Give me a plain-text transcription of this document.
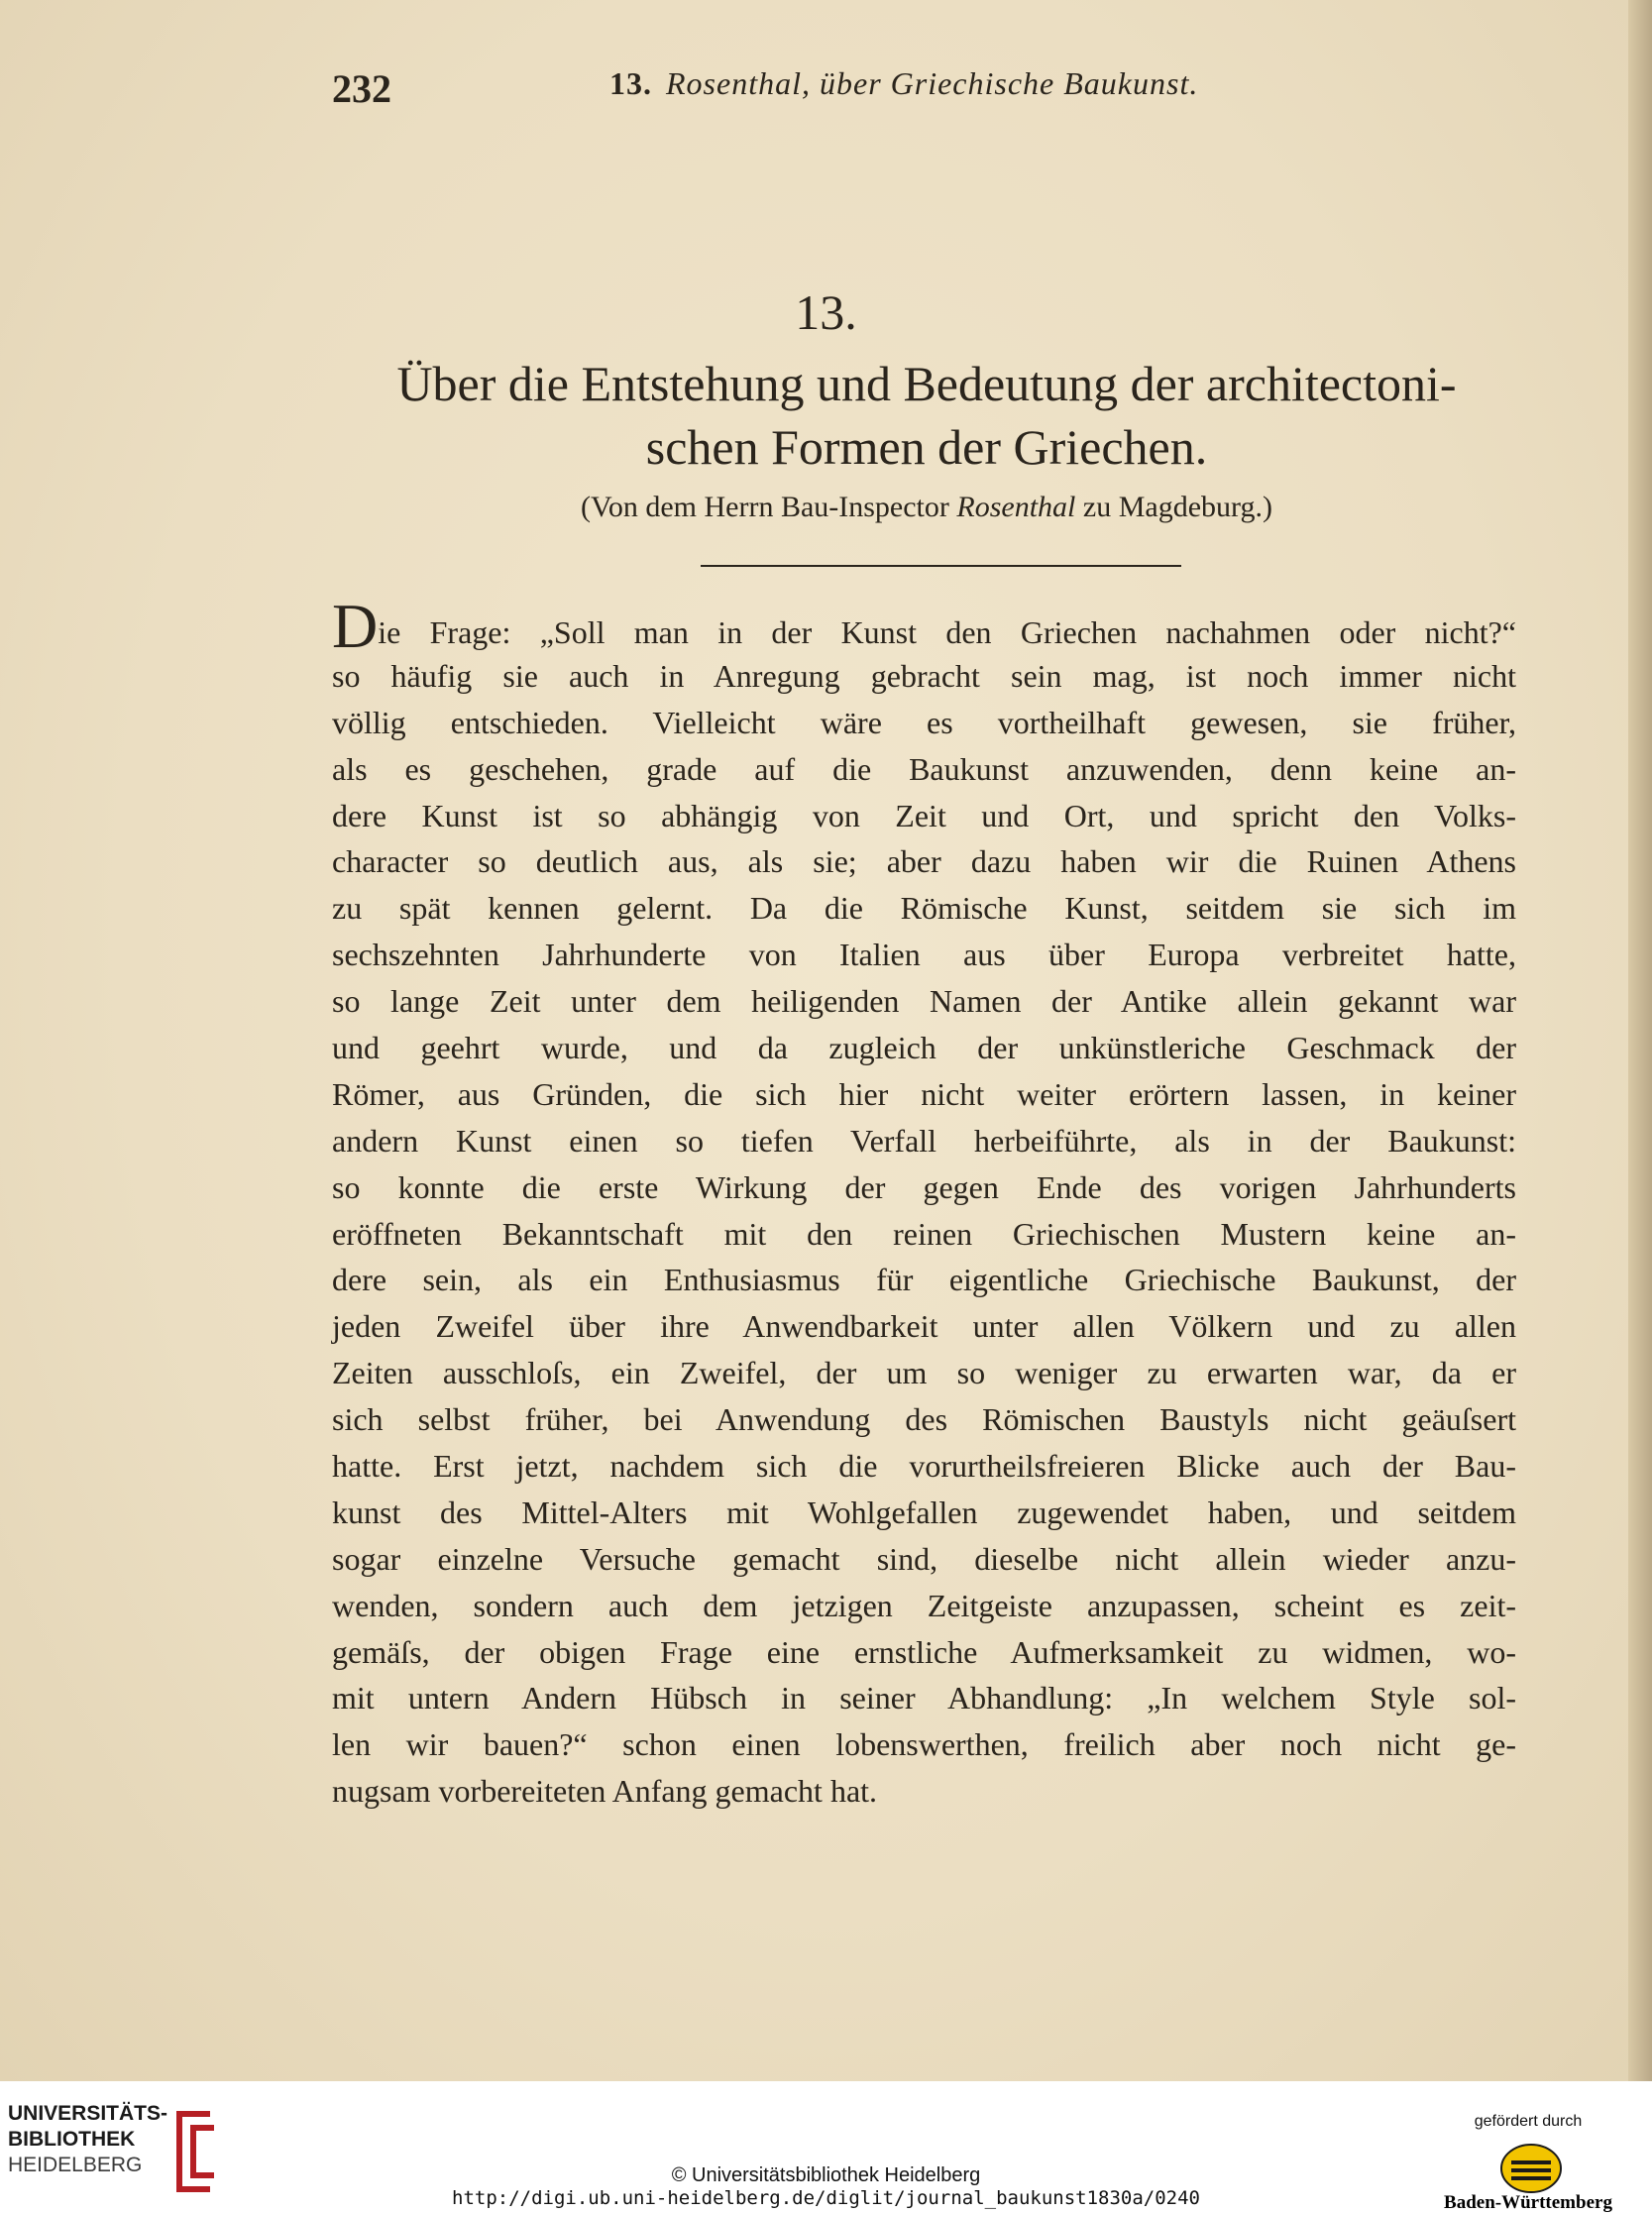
232	13. Rosenthal, über Griechische Baukunst.
13.
Über die Entstehung und Bedeutung der architectoni-
schen Formen der Griechen.
(Von dem Herrn Bau-Inspector Rosenthal zu Magdeburg.)
Die Frage: „Soll man in der Kunst den Griechen nachahmen oder nicht?“
so häufig sie auch in Anregung gebracht sein mag, ist noch immer nicht
völlig entschieden. Vielleicht wäre es vortheilhaft gewesen, sie früher,
als es geschehen, grade auf die Baukunst anzuwenden, denn keine an-
dere Kunst ist so abhängig von Zeit und Ort, und spricht den Volks-
character so deutlich aus, als sie; aber dazu haben wir die Ruinen Athens
zu spät kennen gelernt. Da die Römische Kunst, seitdem sie sich im
sechszehnten Jahrhunderte von Italien aus über Europa verbreitet hatte,
so lange Zeit unter dem heiligenden Namen der Antike allein gekannt war
und geehrt wurde, und da zugleich der unkünstleriche Geschmack der
Römer, aus Gründen, die sich hier nicht weiter erörtern lassen, in keiner
andern Kunst einen so tiefen Verfall herbeiführte, als in der Baukunst:
so konnte die erste Wirkung der gegen Ende des vorigen Jahrhunderts
eröffneten Bekanntschaft mit den reinen Griechischen Mustern keine an-
dere sein, als ein Enthusiasmus für eigentliche Griechische Baukunst, der
jeden Zweifel über ihre Anwendbarkeit unter allen Völkern und zu allen
Zeiten ausschloſs, ein Zweifel, der um so weniger zu erwarten war, da er
sich selbst früher, bei Anwendung des Römischen Baustyls nicht geäuſsert
hatte. Erst jetzt, nachdem sich die vorurtheilsfreieren Blicke auch der Bau-
kunst des Mittel-Alters mit Wohlgefallen zugewendet haben, und seitdem
sogar einzelne Versuche gemacht sind, dieselbe nicht allein wieder anzu-
wenden, sondern auch dem jetzigen Zeitgeiste anzupassen, scheint es zeit-
gemäſs, der obigen Frage eine ernstliche Aufmerksamkeit zu widmen, wo-
mit untern Andern Hübsch in seiner Abhandlung: „In welchem Style sol-
len wir bauen?“ schon einen lobenswerthen, freilich aber noch nicht ge-
nugsam vorbereiteten Anfang gemacht hat.
UNIVERSITÄTS-
BIBLIOTHEK
HEIDELBERG	© Universitätsbibliothek Heidelberg
http://digi.ub.uni-heidelberg.de/diglit/journal_baukunst1830a/0240
gefördert durch
Baden-Württemberg
